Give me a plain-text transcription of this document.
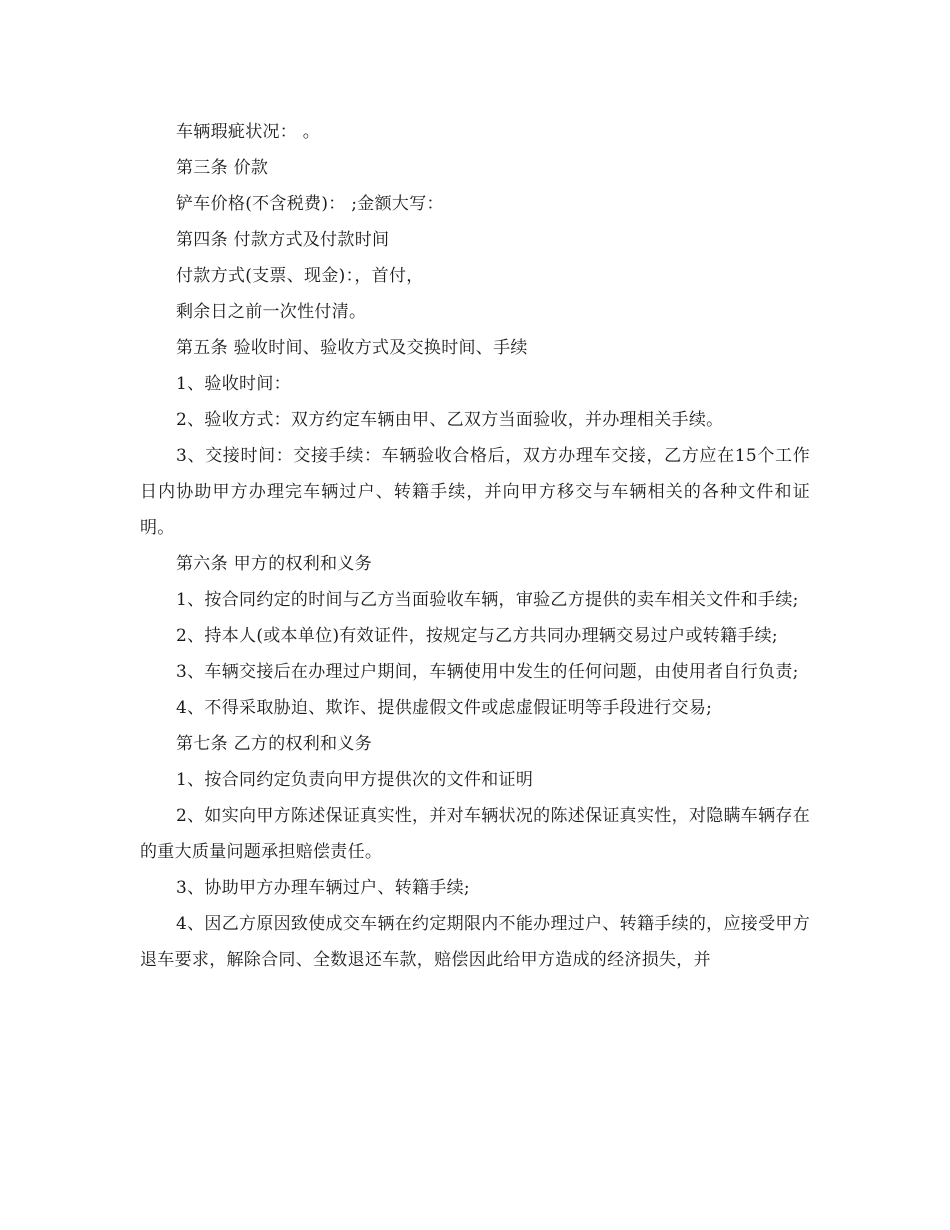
车辆瑕疵状况： 。

第三条 价款

铲车价格(不含税费)： ;金额大写：

第四条 付款方式及付款时间

付款方式(支票、现金)：，首付，

剩余日之前一次性付清。

第五条 验收时间、验收方式及交换时间、手续

1、验收时间：

2、验收方式：双方约定车辆由甲、乙双方当面验收，并办理相关手续。

3、交接时间：交接手续：车辆验收合格后，双方办理车交接，乙方应在15个工作日内协助甲方办理完车辆过户、转籍手续，并向甲方移交与车辆相关的各种文件和证明。

第六条 甲方的权利和义务

1、按合同约定的时间与乙方当面验收车辆，审验乙方提供的卖车相关文件和手续;

2、持本人(或本单位)有效证件，按规定与乙方共同办理辆交易过户或转籍手续;

3、车辆交接后在办理过户期间，车辆使用中发生的任何问题，由使用者自行负责;

4、不得采取胁迫、欺诈、提供虚假文件或虑虚假证明等手段进行交易;

第七条 乙方的权利和义务

1、按合同约定负责向甲方提供次的文件和证明

2、如实向甲方陈述保证真实性，并对车辆状况的陈述保证真实性，对隐瞒车辆存在的重大质量问题承担赔偿责任。

3、协助甲方办理车辆过户、转籍手续;

4、因乙方原因致使成交车辆在约定期限内不能办理过户、转籍手续的，应接受甲方退车要求，解除合同、全数退还车款，赔偿因此给甲方造成的经济损失，并
